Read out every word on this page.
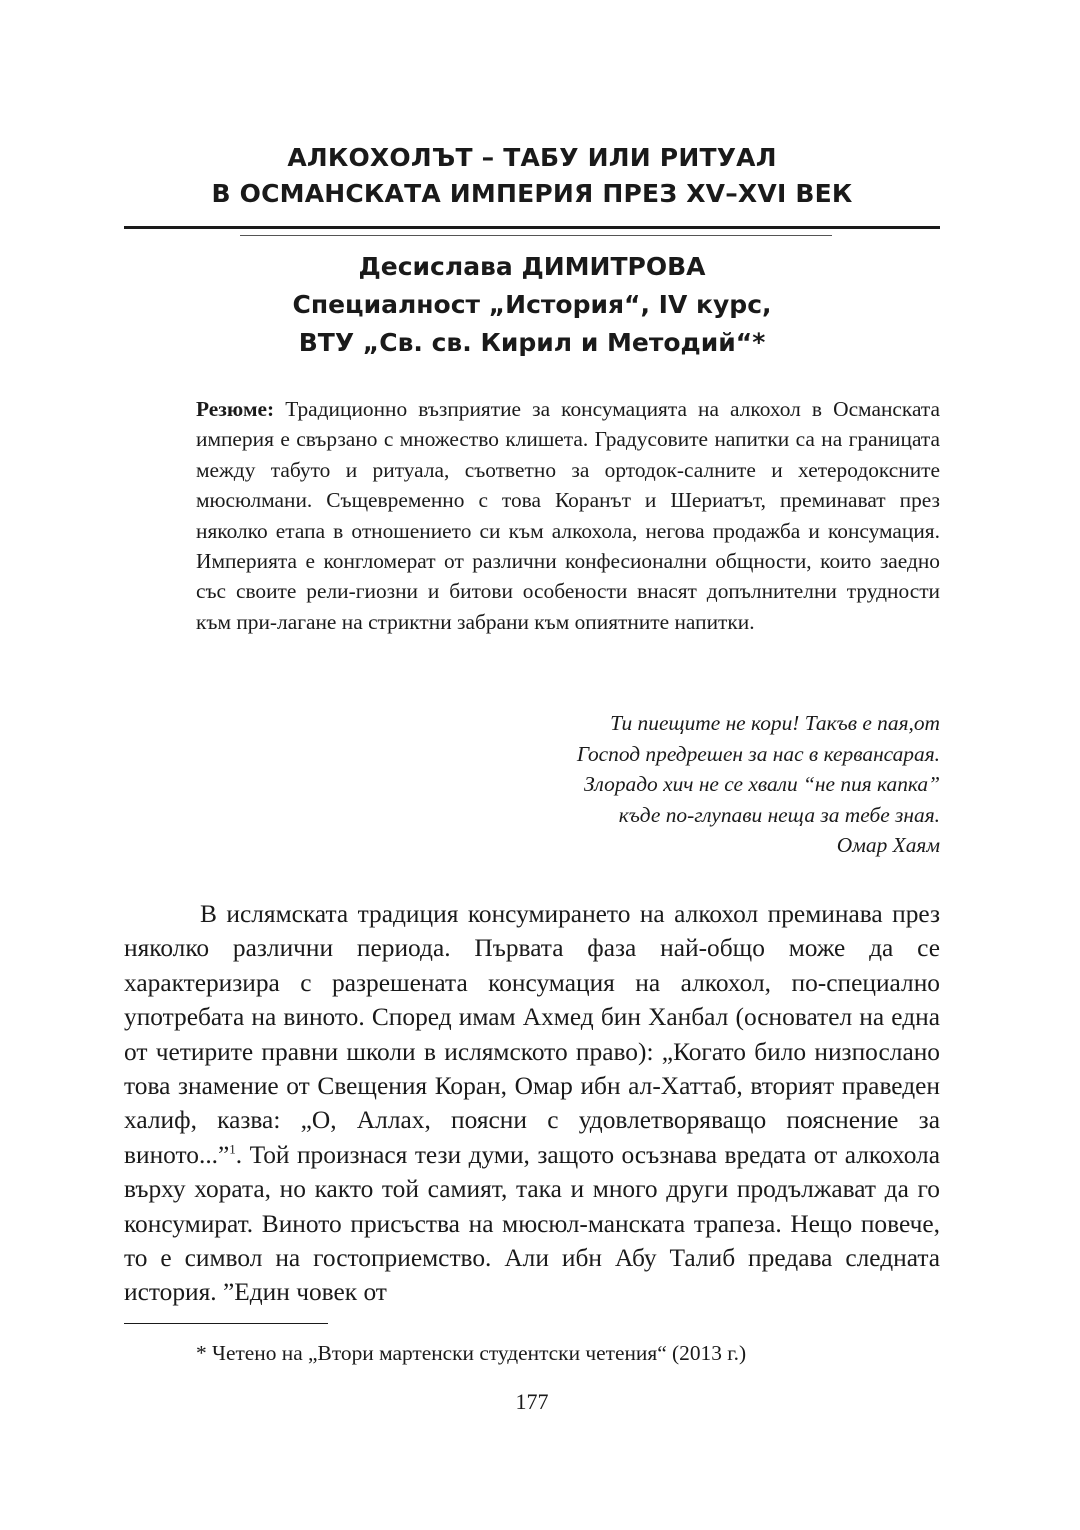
АЛКОХОЛЪТ – ТАБУ ИЛИ РИТУАЛ
В ОСМАНСКАТА ИМПЕРИЯ ПРЕЗ XV–XVI ВЕК
Десислава ДИМИТРОВА
Специалност „История“, IV курс,
ВТУ „Св. св. Кирил и Методий“*
Резюме: Традиционно възприятие за консумацията на алкохол в Османската империя е свързано с множество клишета. Градусовите напитки са на границата между табуто и ритуала, съответно за ортодок-салните и хетеродоксните мюсюлмани. Същевременно с това Коранът и Шериатът, преминават през няколко етапа в отношението си към алкохола, негова продажба и консумация. Империята е конгломерат от различни конфесионални общности, които заедно със своите рели-гиозни и битови особености внасят допълнителни трудности към при-лагане на стриктни забрани към опиятните напитки.
Ти пиещите не кори! Такъв е пая,от
Господ предрешен за нас в кервансарая.
Злорадо хич не се хвали “не пия капка”
къде по-глупави неща за тебе зная.
Омар Хаям

В ислямската традиция консумирането на алкохол преминава през няколко различни периода. Първата фаза най-общо може да се характеризира с разрешената консумация на алкохол, по-специално употребата на виното. Според имам Ахмед бин Ханбал (основател на една от четирите правни школи в ислямското право): „Когато било низпослано това знамение от Свещения Коран, Омар ибн ал-Хаттаб, вторият праведен халиф, казва: „О, Аллах, поясни с удовлетворяващо пояснение за виното...”$^1$. Той произнася тези думи, защото осъзнава вредата от алкохола върху хората, но както той самият, така и много други продължават да го консумират. Виното присъства на мюсюл-манската трапеза. Нещо повече, то е символ на гостоприемство. Али ибн Абу Талиб предава следната история. ”Един човек от

* Четено на „Втори мартенски студентски четения“ (2013 г.)
177
